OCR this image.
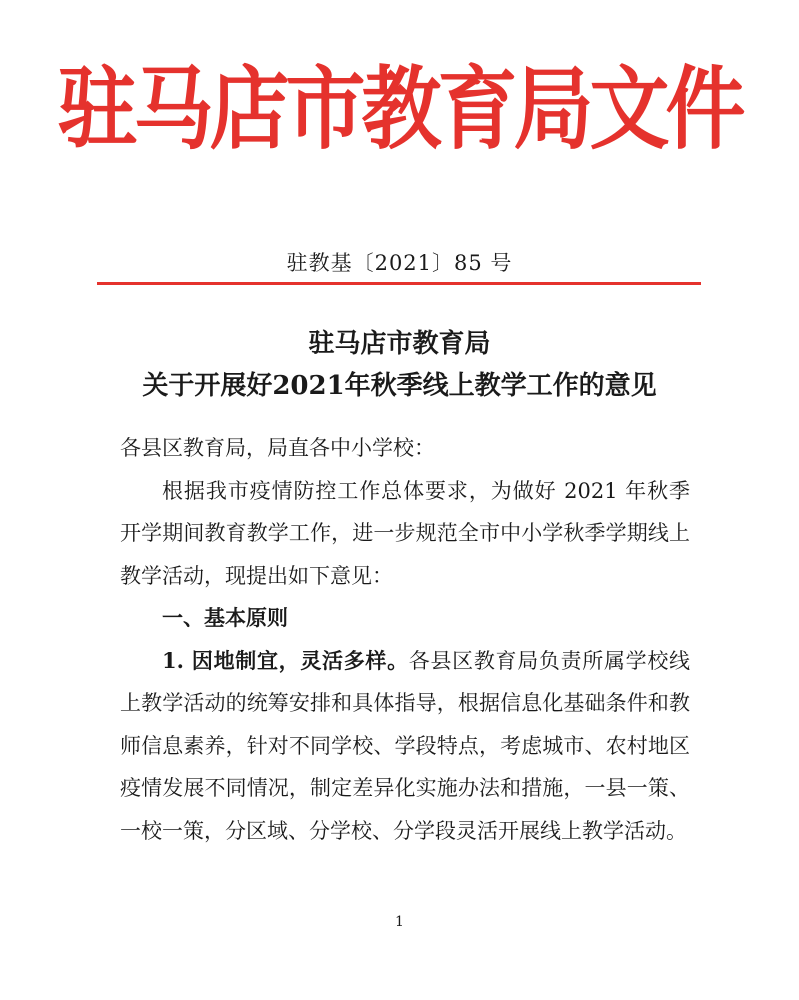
驻马店市教育局文件
驻教基〔2021〕85 号
驻马店市教育局
关于开展好2021年秋季线上教学工作的意见

各县区教育局，局直各中小学校：

根据我市疫情防控工作总体要求，为做好 2021 年秋季开学期间教育教学工作，进一步规范全市中小学秋季学期线上教学活动，现提出如下意见：

一、基本原则

1. 因地制宜，灵活多样。各县区教育局负责所属学校线上教学活动的统筹安排和具体指导，根据信息化基础条件和教师信息素养，针对不同学校、学段特点，考虑城市、农村地区疫情发展不同情况，制定差异化实施办法和措施，一县一策、一校一策，分区域、分学校、分学段灵活开展线上教学活动。

1
